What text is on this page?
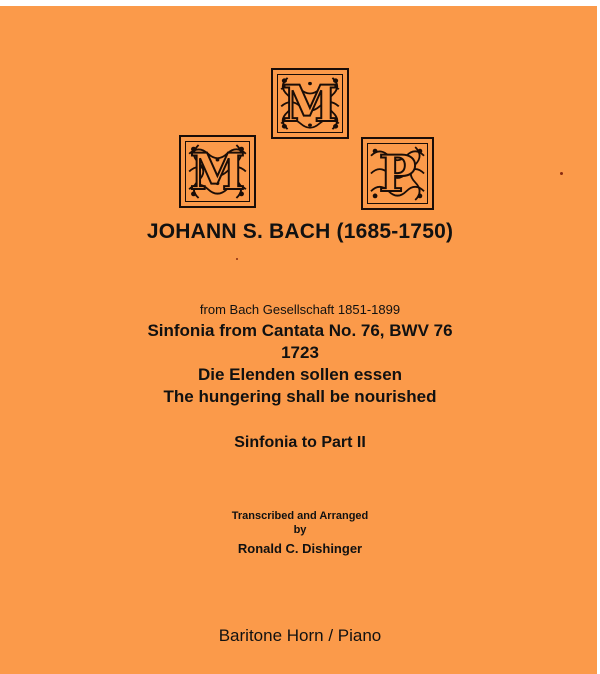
M
M
P
JOHANN S. BACH (1685-1750)
from Bach Gesellschaft 1851-1899
Sinfonia from Cantata No. 76, BWV 76
1723
Die Elenden sollen essen
The hungering shall be nourished
Sinfonia to Part II
Transcribed and Arranged
by
Ronald C. Dishinger
Baritone Horn / Piano
